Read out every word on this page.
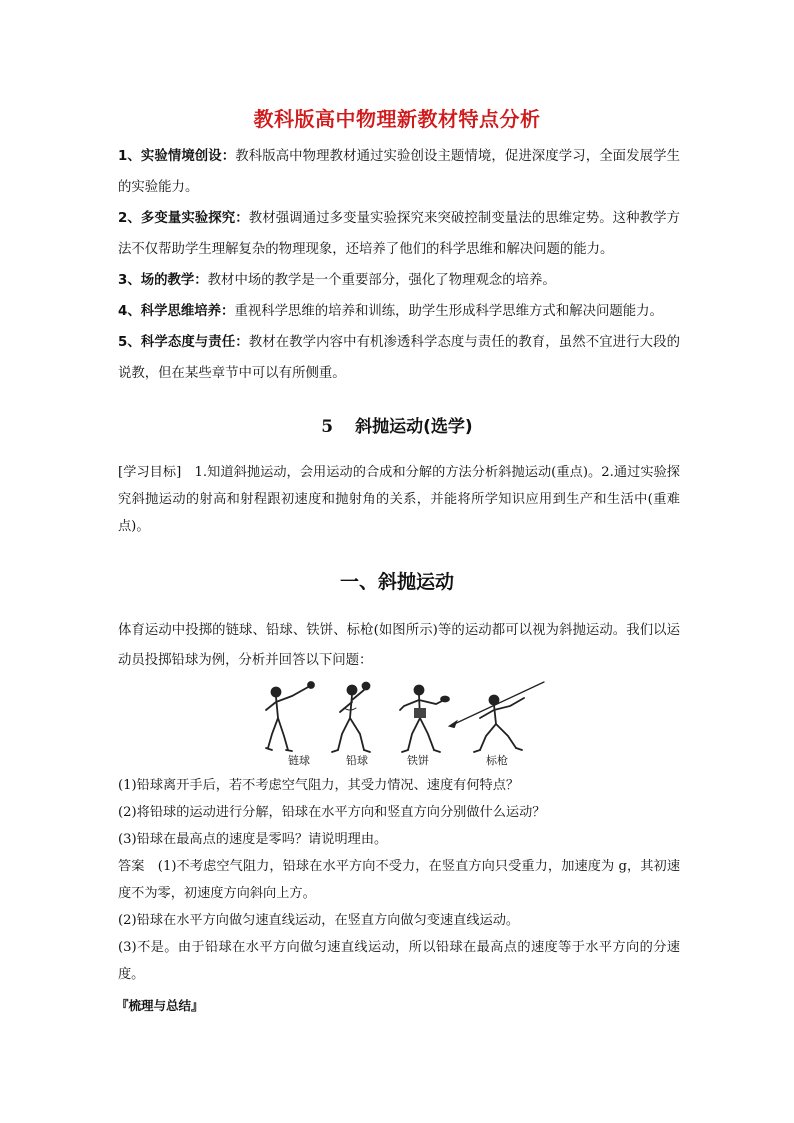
教科版高中物理新教材特点分析
1、实验情境创设：教科版高中物理教材通过实验创设主题情境，促进深度学习，全面发展学生的实验能力。
2、多变量实验探究：教材强调通过多变量实验探究来突破控制变量法的思维定势。这种教学方法不仅帮助学生理解复杂的物理现象，还培养了他们的科学思维和解决问题的能力。
3、场的教学：教材中场的教学是一个重要部分，强化了物理观念的培养。
4、科学思维培养：重视科学思维的培养和训练，助学生形成科学思维方式和解决问题能力。
5、科学态度与责任：教材在教学内容中有机渗透科学态度与责任的教育，虽然不宜进行大段的说教，但在某些章节中可以有所侧重。
5 斜抛运动(选学)
[学习目标]　1.知道斜抛运动，会用运动的合成和分解的方法分析斜抛运动(重点)。2.通过实验探究斜抛运动的射高和射程跟初速度和抛射角的关系，并能将所学知识应用到生产和生活中(重难点)。
一、斜抛运动
体育运动中投掷的链球、铅球、铁饼、标枪(如图所示)等的运动都可以视为斜抛运动。我们以运动员投掷铅球为例，分析并回答以下问题：
链球	铅球	铁饼	标枪
(1)铅球离开手后，若不考虑空气阻力，其受力情况、速度有何特点？
(2)将铅球的运动进行分解，铅球在水平方向和竖直方向分别做什么运动？
(3)铅球在最高点的速度是零吗？请说明理由。
答案　 (1)不考虑空气阻力，铅球在水平方向不受力，在竖直方向只受重力，加速度为 g，其初速度不为零，初速度方向斜向上方。
(2)铅球在水平方向做匀速直线运动，在竖直方向做匀变速直线运动。
(3)不是。由于铅球在水平方向做匀速直线运动，所以铅球在最高点的速度等于水平方向的分速度。
『梳理与总结』
